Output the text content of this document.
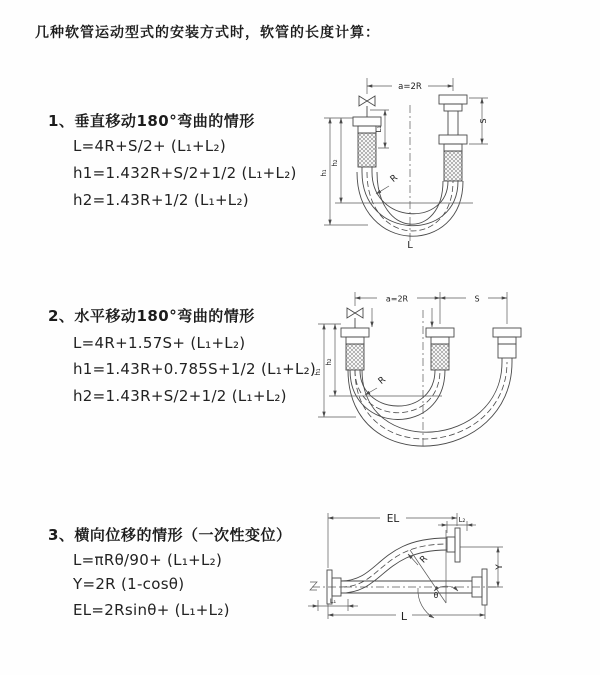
几种软管运动型式的安装方式时，软管的长度计算：
1、垂直移动180°弯曲的情形
L=4R+S/2+ (L₁+L₂)
h1=1.432R+S/2+1/2 (L₁+L₂)
h2=1.43R+1/2 (L₁+L₂)
2、水平移动180°弯曲的情形
L=4R+1.57S+ (L₁+L₂)
h1=1.43R+0.785S+1/2 (L₁+L₂)
h2=1.43R+S/2+1/2 (L₁+L₂)
3、横向位移的情形（一次性变位）
L=πRθ/90+ (L₁+L₂)
Y=2R (1-cosθ)
EL=2Rsinθ+ (L₁+L₂)
a=2R
S
L₁
h₁
h₂
R
L
a=2R	S
h₁
h₂
R
EL	L₂
Y
R
θ
L
L₁
